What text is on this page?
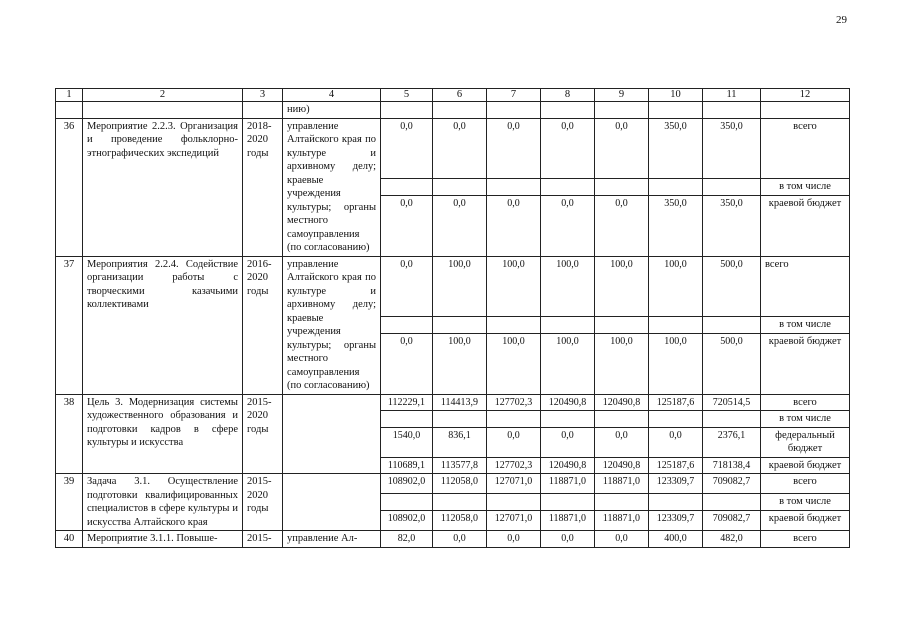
29
1	2	3	4	5	6	7	8	9	10	11	12
			нию)								
36	Мероприятие 2.2.3. Организация и проведение фольклорно-этнографических экспедиций	2018-2020 годы	управление Алтайского края по культуре и архивному делу; краевые учреждения культуры; органы местного самоуправления (по согласованию)	0,0	0,0	0,0	0,0	0,0	350,0	350,0	всего
											в том числе
				0,0	0,0	0,0	0,0	0,0	350,0	350,0	краевой бюджет
37	Мероприятия 2.2.4. Содействие организации работы с творческими казачьими коллективами	2016-2020 годы	управление Алтайского края по культуре и архивному делу; краевые учреждения культуры; органы местного самоуправления (по согласованию)	0,0	100,0	100,0	100,0	100,0	100,0	500,0	всего
											в том числе
				0,0	100,0	100,0	100,0	100,0	100,0	500,0	краевой бюджет
38	Цель 3. Модернизация системы художественного образования и подготовки кадров в сфере культуры и искусства	2015-2020 годы		112229,1	114413,9	127702,3	120490,8	120490,8	125187,6	720514,5	всего
											в том числе
				1540,0	836,1	0,0	0,0	0,0	0,0	2376,1	федеральный бюджет
				110689,1	113577,8	127702,3	120490,8	120490,8	125187,6	718138,4	краевой бюджет
39	Задача 3.1. Осуществление подготовки квалифицированных специалистов в сфере культуры и искусства Алтайского края	2015-2020 годы		108902,0	112058,0	127071,0	118871,0	118871,0	123309,7	709082,7	всего
											в том числе
				108902,0	112058,0	127071,0	118871,0	118871,0	123309,7	709082,7	краевой бюджет
40	Мероприятие 3.1.1. Повыше-	2015-	управление Ал-	82,0	0,0	0,0	0,0	0,0	400,0	482,0	всего
